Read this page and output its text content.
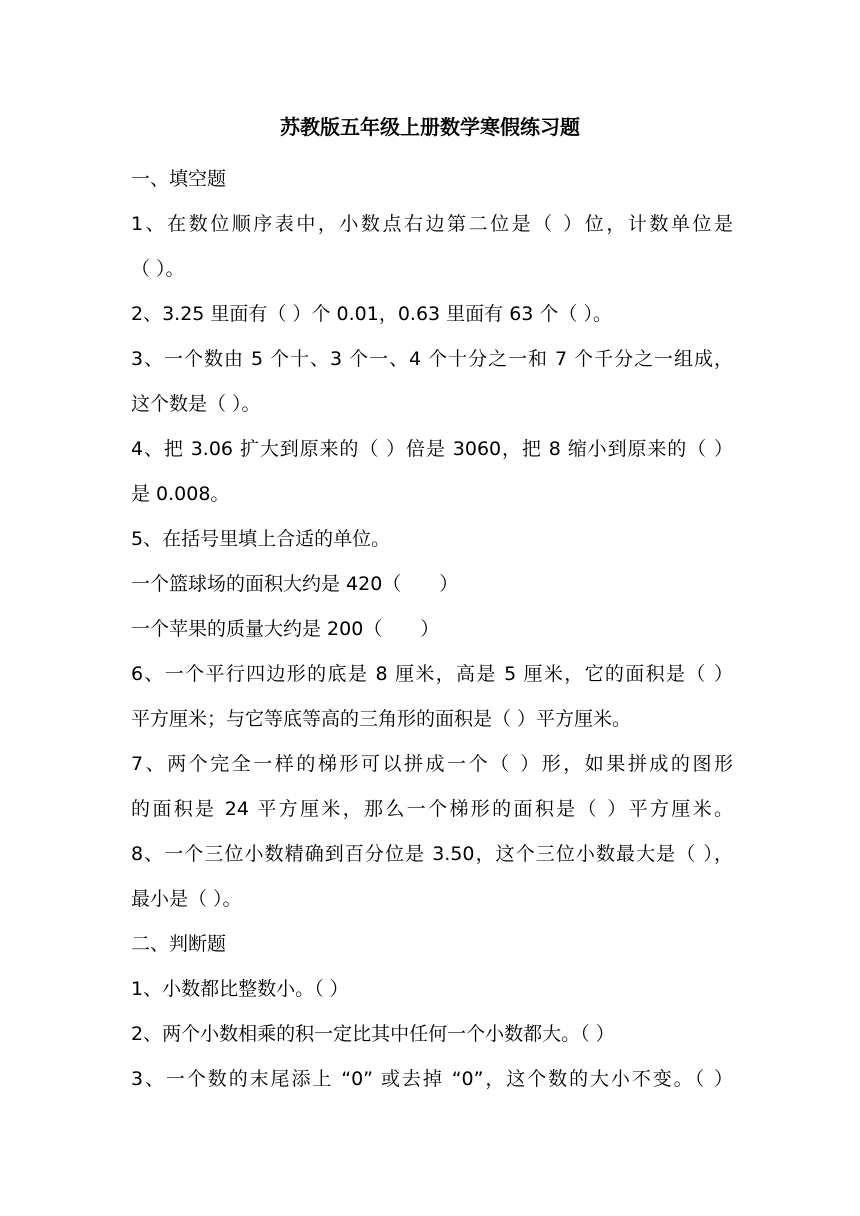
苏教版五年级上册数学寒假练习题
一、填空题
1、在数位顺序表中，小数点右边第二位是（ ）位，计数单位是
（ ）。
2、3.25 里面有（ ）个 0.01，0.63 里面有 63 个（ ）。
3、一个数由 5 个十、3 个一、4 个十分之一和 7 个千分之一组成，
这个数是（ ）。
4、把 3.06 扩大到原来的（ ）倍是 3060，把 8 缩小到原来的（ ）
是 0.008。
5、在括号里填上合适的单位。
一个篮球场的面积大约是 420（　　）
一个苹果的质量大约是 200（　　）
6、一个平行四边形的底是 8 厘米，高是 5 厘米，它的面积是（ ）
平方厘米；与它等底等高的三角形的面积是（ ）平方厘米。
7、两个完全一样的梯形可以拼成一个（ ）形，如果拼成的图形
的面积是 24 平方厘米，那么一个梯形的面积是（ ）平方厘米。
8、一个三位小数精确到百分位是 3.50，这个三位小数最大是（ ），
最小是（ ）。
二、判断题
1、小数都比整数小。（ ）
2、两个小数相乘的积一定比其中任何一个小数都大。（ ）
3、一个数的末尾添上 “0” 或去掉 “0”，这个数的大小不变。（ ）
